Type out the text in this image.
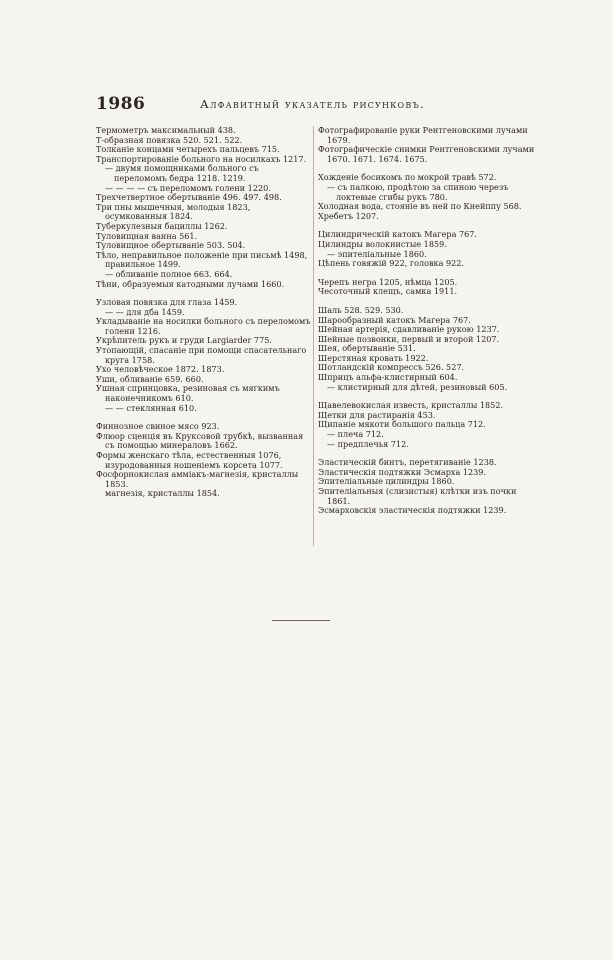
1986	Алфавитный указатель рисунковъ.

Термометръ максимальный 438.

Т-образная повязка 520. 521. 522.

Толканіе концами четырехъ пальцевъ 715.

Транспортированіе больного на носилкахъ 1217.

— двумя помощниками больного съ переломомъ бедра 1218. 1219.

— — — — съ переломомъ голени 1220.

Трехчетвертное обертываніе 496. 497. 498.

Три пны мышечныя, молодыя 1823, осумкованныя 1824.

Туберкулезныя бациллы 1262.

Туловищная ванна 561.

Туловищное обертываніе 503. 504.

Тѣло, неправильное положеніе при письмѣ 1498, правильное 1499.

— обливаніе полное 663. 664.

Тѣни, образуемыя катодными лучами 1660.

Узловая повязка для глаза 1459.

— — для дба 1459.

Укладываніе на носилки больного съ переломомъ голени 1216.

Укрѣпитель рукъ и груди Largiarder 775.

Утопающій, спасаніе при помощи спасательнаго круга 1758.

Ухо человѣческое 1872. 1873.

Уши, обливаніе 659. 660.

Ушная спринцовка, резиновая съ мягкимъ наконечникомъ 610.

— — стеклянная 610.

Финнозное свиное мясо 923.

Флюор сценція въ Круксовой трубкѣ, вызванная съ помощью минераловъ 1662.

Формы женскаго тѣла, естественныя 1076, изуродованныя ношеніемъ корсета 1077.

Фосфорнокислая аммiакъ-магнезія, кристаллы 1853.

магнезія, кристаллы 1854.

Фотографированіе руки Рентгеновскими лучами 1679.

Фотографическіе снимки Рентгеновскими лучами 1670. 1671. 1674. 1675.

Хожденіе босикомъ по мокрой травѣ 572.

— съ палкою, продѣтою за спиною черезъ локтевые сгибы рукъ 780.

Холодная вода, стояніе въ ней по Кнейппу 568.

Хребетъ 1207.

Цилиндрическій катокъ Магера 767.

Цилиндры волокнистые 1859.

— эпителіальные 1860.

Цѣпень говяжій 922, головка 922.

Черепъ негра 1205, нѣмца 1205.

Чесоточный клещъ, самка 1911.

Шаль 528. 529. 530.

Шарообразный катокъ Магера 767.

Шейная артерія, сдавливаніе рукою 1237.

Шейные позвонки, первый и второй 1207.

Шея, обертываніе 531.

Шерстяная кровать 1922.

Шотландскій компрессъ 526. 527.

Шприцъ альфа-клистирный 604.

— клистирный для дѣтей, резиновый 605.

Щавелевокислая известь, кристаллы 1852.

Щетки для растиранія 453.

Щипаніе мякоти большого пальца 712.

— плеча 712.

— предплечья 712.

Эластическій бинтъ, перетягиваніе 1238.

Эластическія подтяжки Эсмарха 1239.

Эпителіальные цилиндры 1860.

Эпителіальныя (слизистыя) клѣтки изъ почки 1861.

Эсмарховскія эластическія подтяжки 1239.
